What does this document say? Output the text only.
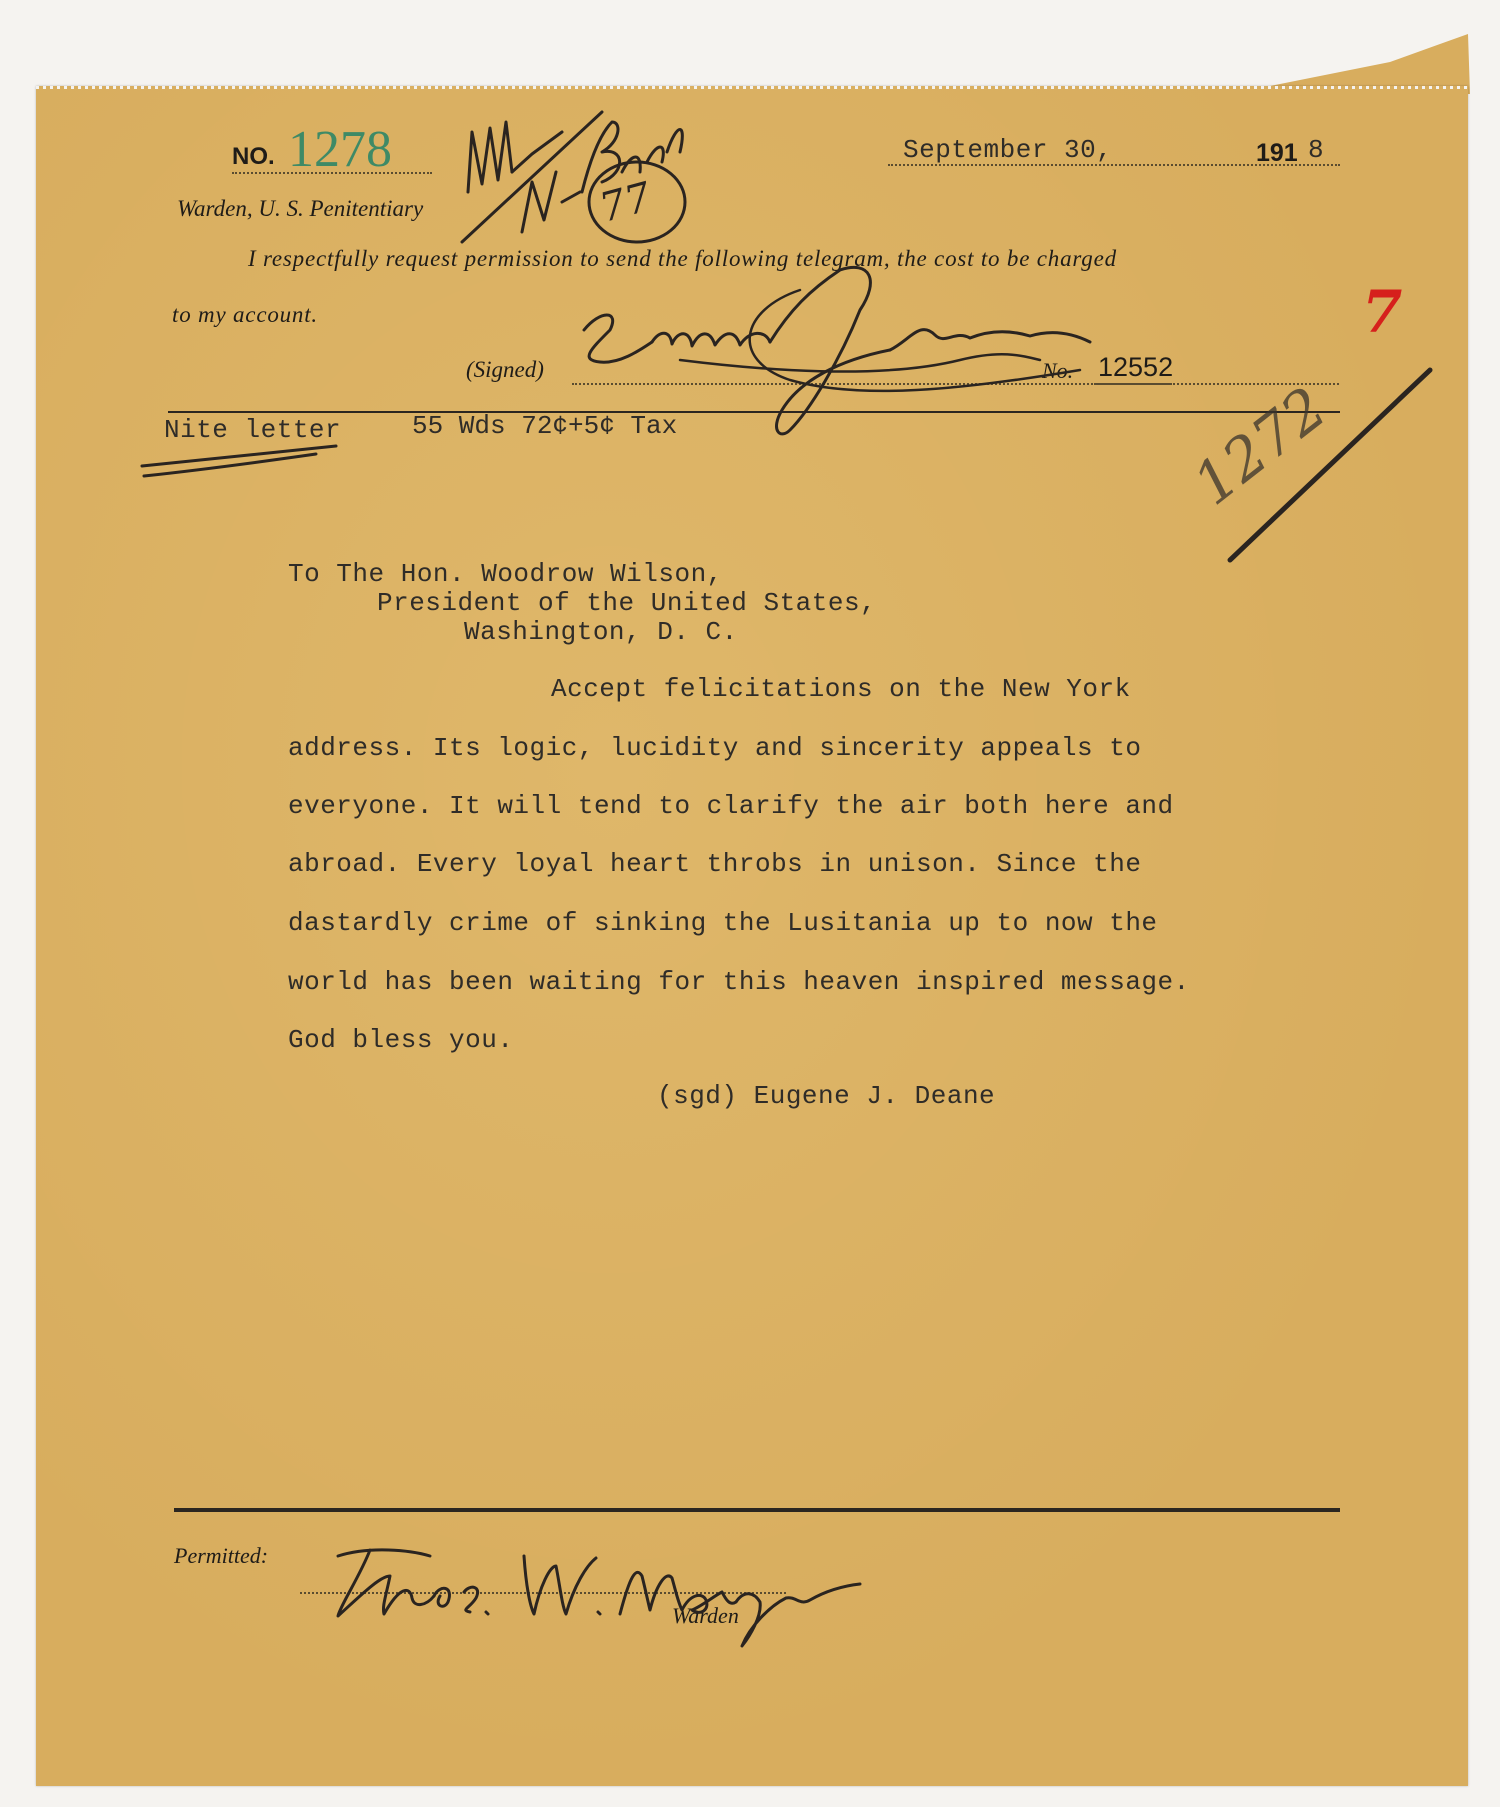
NO. 1278	September 30,	191 8
Warden, U. S. Penitentiary
I respectfully request permission to send the following telegram, the cost to be charged
to my account.
(Signed)	No. 12552
Nite letter
To The Hon. Woodrow Wilson,
President of the United States,
Washington, D. C.
Accept felicitations on the New York
address. Its logic, lucidity and sincerity appeals to
everyone. It will tend to clarify the air both here and
abroad. Every loyal heart throbs in unison. Since the
dastardly crime of sinking the Lusitania up to now the
world has been waiting for this heaven inspired message.
God bless you.
(sgd) Eugene J. Deane
Permitted:
Warden
77
55 Wds 72¢+5¢ Tax
7
1272
